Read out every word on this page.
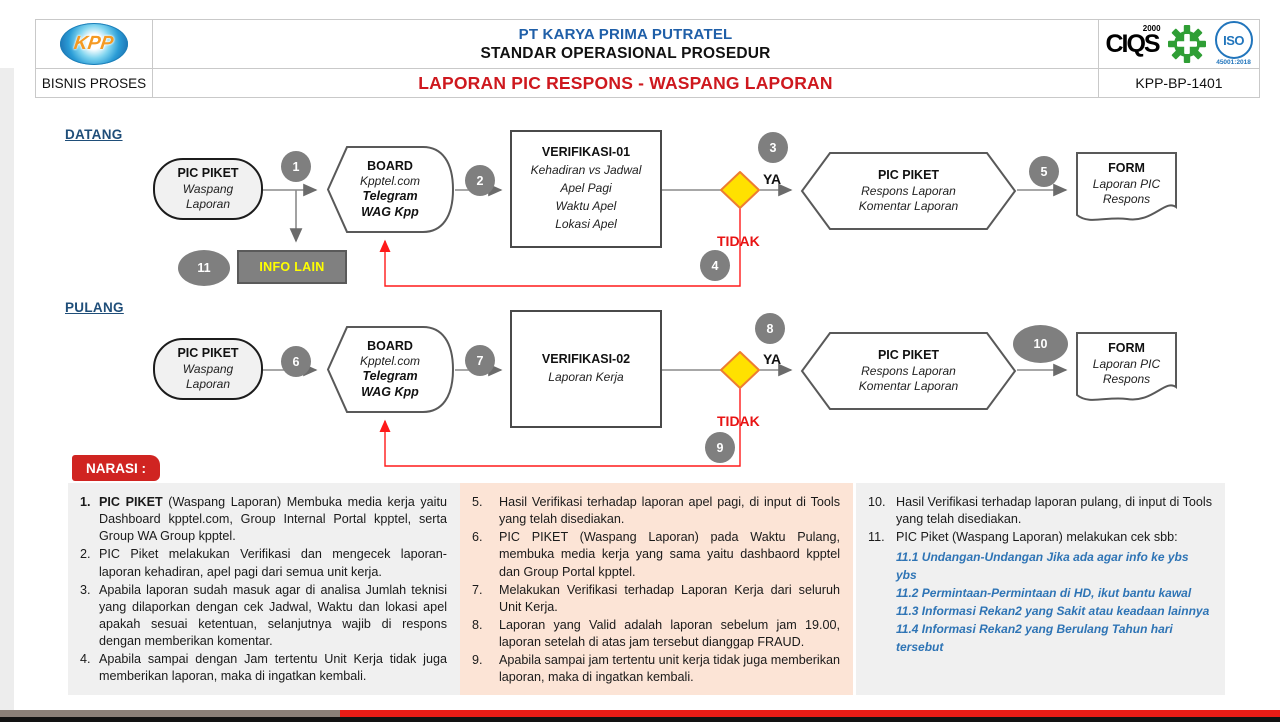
KPP	PT KARYA PRIMA PUTRATEL
STANDAR OPERASIONAL PROSEDUR	CIQS
2000
ISO
45001:2018
BISNIS PROSES	LAPORAN PIC RESPONS - WASPANG LAPORAN	KPP-BP-1401
DATANG
PIC PIKET
Waspang
Laporan
BOARD
Kpptel.com
Telegram
WAG Kpp
VERIFIKASI-01
Kehadiran vs Jadwal
Apel Pagi
Waktu Apel
Lokasi Apel
PIC PIKET
Respons Laporan
Komentar Laporan
FORM
Laporan PIC
Respons
INFO LAIN
1
2
3
4
5
11
YA
TIDAK
PULANG
PIC PIKET
Waspang
Laporan
BOARD
Kpptel.com
Telegram
WAG Kpp
VERIFIKASI-02
Laporan Kerja
PIC PIKET
Respons Laporan
Komentar Laporan
FORM
Laporan PIC
Respons
6	7
8
9
10
YA
TIDAK
NARASI :
1. PIC PIKET (Waspang Laporan) Membuka media kerja yaitu Dashboard kpptel.com, Group Internal Portal kpptel, serta Group WA Group kpptel.
2. PIC Piket melakukan Verifikasi dan mengecek laporan-laporan kehadiran, apel pagi dari semua unit kerja.
3. Apabila laporan sudah masuk agar di analisa Jumlah teknisi yang dilaporkan dengan cek Jadwal, Waktu dan lokasi apel apakah sesuai ketentuan, selanjutnya wajib di respons dengan memberikan komentar.
4. Apabila sampai dengan Jam tertentu Unit Kerja tidak juga memberikan laporan, maka di ingatkan kembali.
5.	Hasil Verifikasi terhadap laporan apel pagi, di input di Tools yang telah disediakan.
6.	PIC PIKET (Waspang Laporan) pada Waktu Pulang, membuka media kerja yang sama yaitu dashbaord kpptel dan Group Portal kpptel.
7.	Melakukan Verifikasi terhadap Laporan Kerja dari seluruh Unit Kerja.
8.	Laporan yang Valid adalah laporan sebelum jam 19.00, laporan setelah di atas jam tersebut dianggap FRAUD.
9.	Apabila sampai jam tertentu unit kerja tidak juga memberikan laporan, maka di ingatkan kembali.
10. Hasil Verifikasi terhadap laporan pulang, di input di Tools yang telah disediakan.
11. PIC Piket (Waspang Laporan) melakukan cek sbb:
11.1 Undangan-Undangan Jika ada agar info ke ybs ybs
11.2 Permintaan-Permintaan di HD, ikut bantu kawal
11.3 Informasi Rekan2 yang Sakit atau keadaan lainnya
11.4 Informasi Rekan2 yang Berulang Tahun hari tersebut
